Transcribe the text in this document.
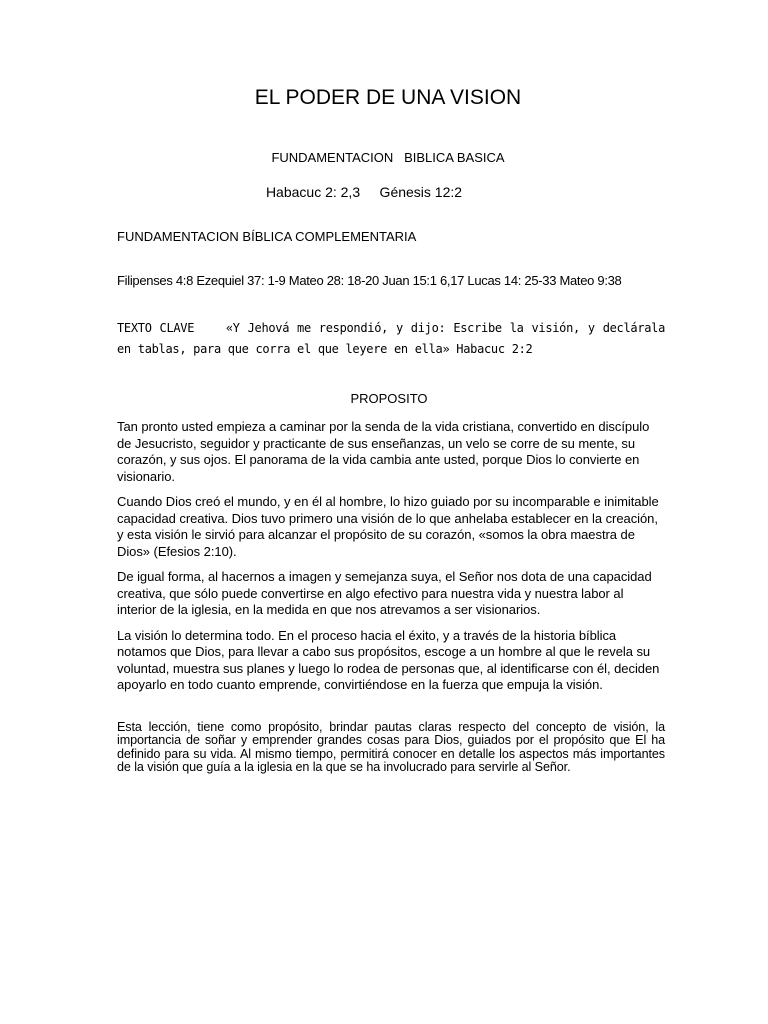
EL PODER DE UNA VISION
FUNDAMENTACION   BIBLICA BASICA
Habacuc 2: 2,3     Génesis 12:2
FUNDAMENTACION BÍBLICA COMPLEMENTARIA
Filipenses 4:8 Ezequiel 37: 1-9 Mateo 28: 18-20 Juan 15:1 6,17 Lucas 14: 25-33 Mateo 9:38
TEXTO CLAVE	«Y Jehová me respondió, y dijo: Escribe la visión, y declárala en tablas, para que corra el que leyere en ella» Habacuc 2:2
PROPOSITO

Tan pronto usted empieza a caminar por la senda de la vida cristiana, convertido en discípulo de Jesucristo, seguidor y practicante de sus enseñanzas, un velo se corre de su mente, su corazón, y sus ojos. El panorama de la vida cambia ante usted, porque Dios lo convierte en visionario.

Cuando Dios creó el mundo, y en él al hombre, lo hizo guiado por su incomparable e inimitable capacidad creativa. Dios tuvo primero una visión de lo que anhelaba establecer en la creación, y esta visión le sirvió para alcanzar el propósito de su corazón, «somos la obra maestra de Dios» (Efesios 2:10).

De igual forma, al hacernos a imagen y semejanza suya, el Señor nos dota de una capacidad creativa, que sólo puede convertirse en algo efectivo para nuestra vida y nuestra labor al interior de la iglesia, en la medida en que nos atrevamos a ser visionarios.

La visión lo determina todo. En el proceso hacia el éxito, y a través de la historia bíblica notamos que Dios, para llevar a cabo sus propósitos, escoge a un hombre al que le revela su voluntad, muestra sus planes y luego lo rodea de personas que, al identificarse con él, deciden apoyarlo en todo cuanto emprende, convirtiéndose en la fuerza que empuja la visión.

Esta lección, tiene como propósito, brindar pautas claras respecto del concepto de visión, la importancia de soñar y emprender grandes cosas para Dios, guiados por el propósito que El ha definido para su vida. Al mismo tiempo, permitirá conocer en detalle los aspectos más importantes de la visión que guía a la iglesia en la que se ha involucrado para servirle al Señor.
